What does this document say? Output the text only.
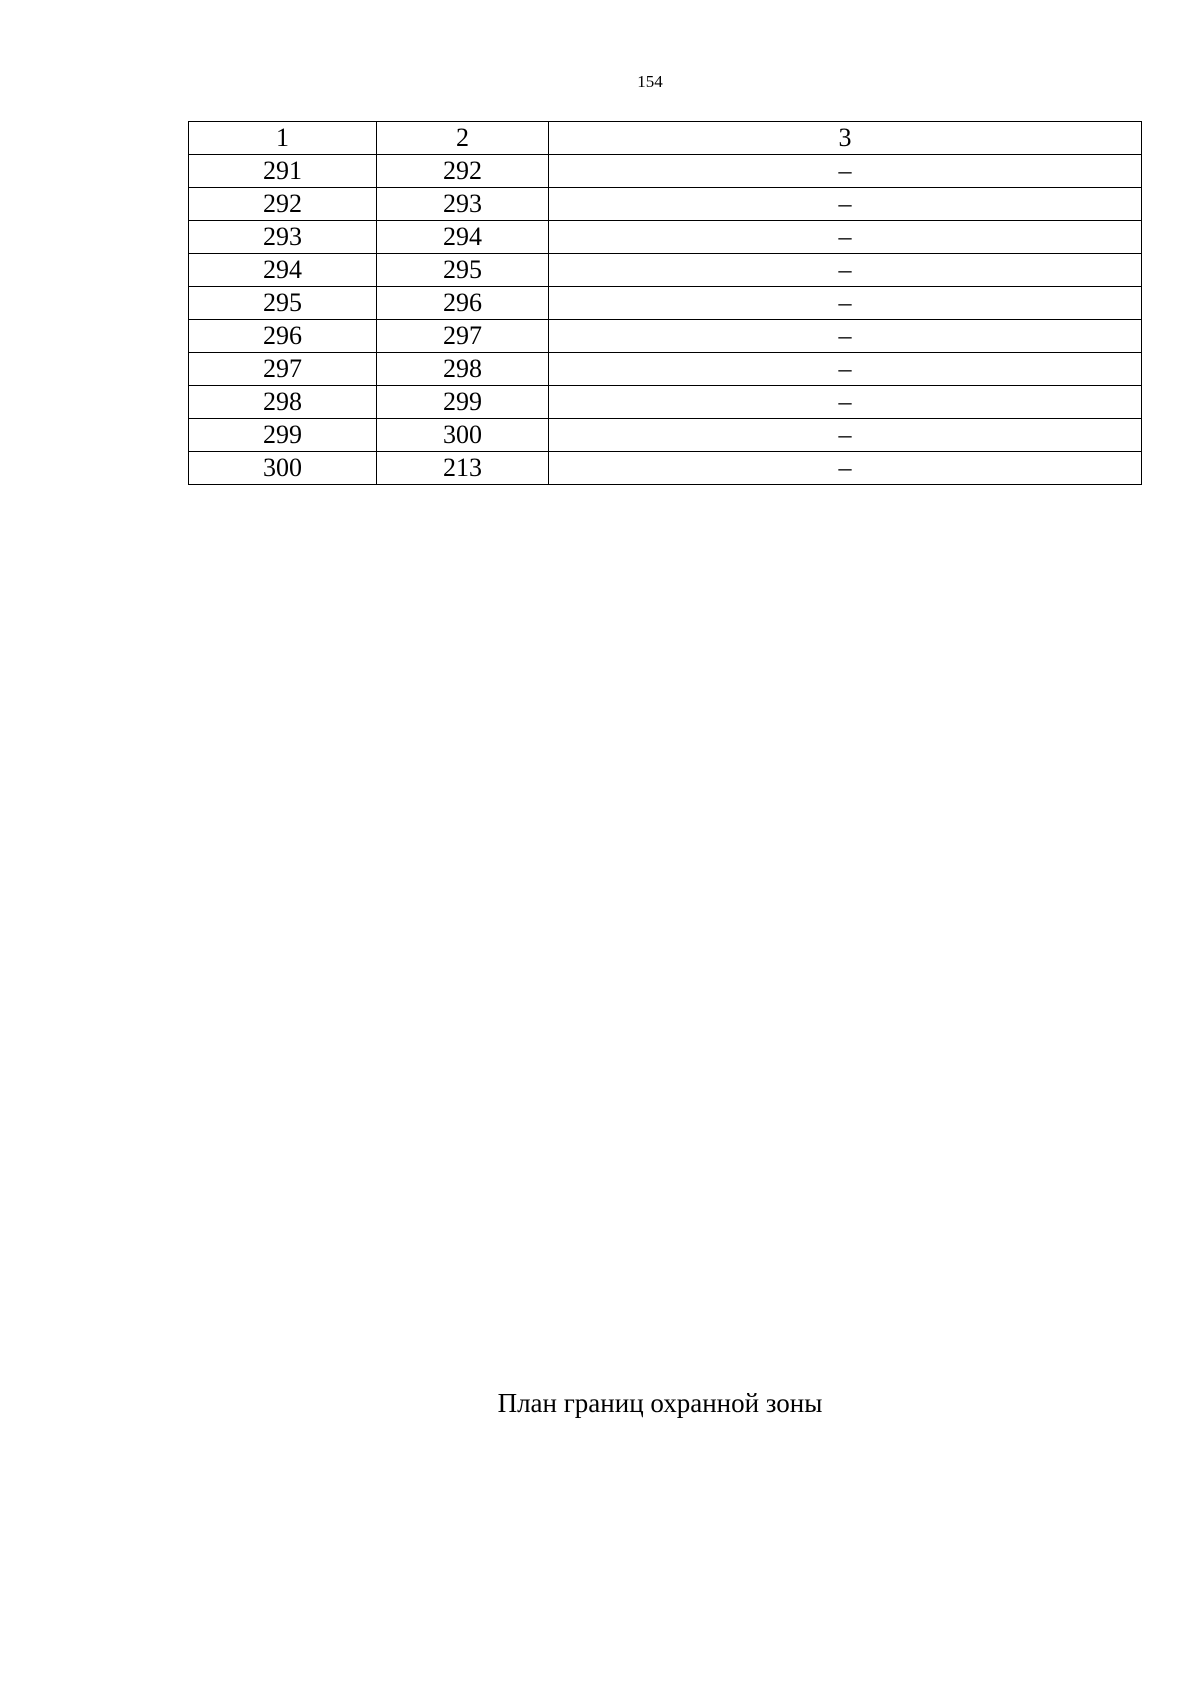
154
1	2	3
291	292	–
292	293	–
293	294	–
294	295	–
295	296	–
296	297	–
297	298	–
298	299	–
299	300	–
300	213	–
План границ охранной зоны
